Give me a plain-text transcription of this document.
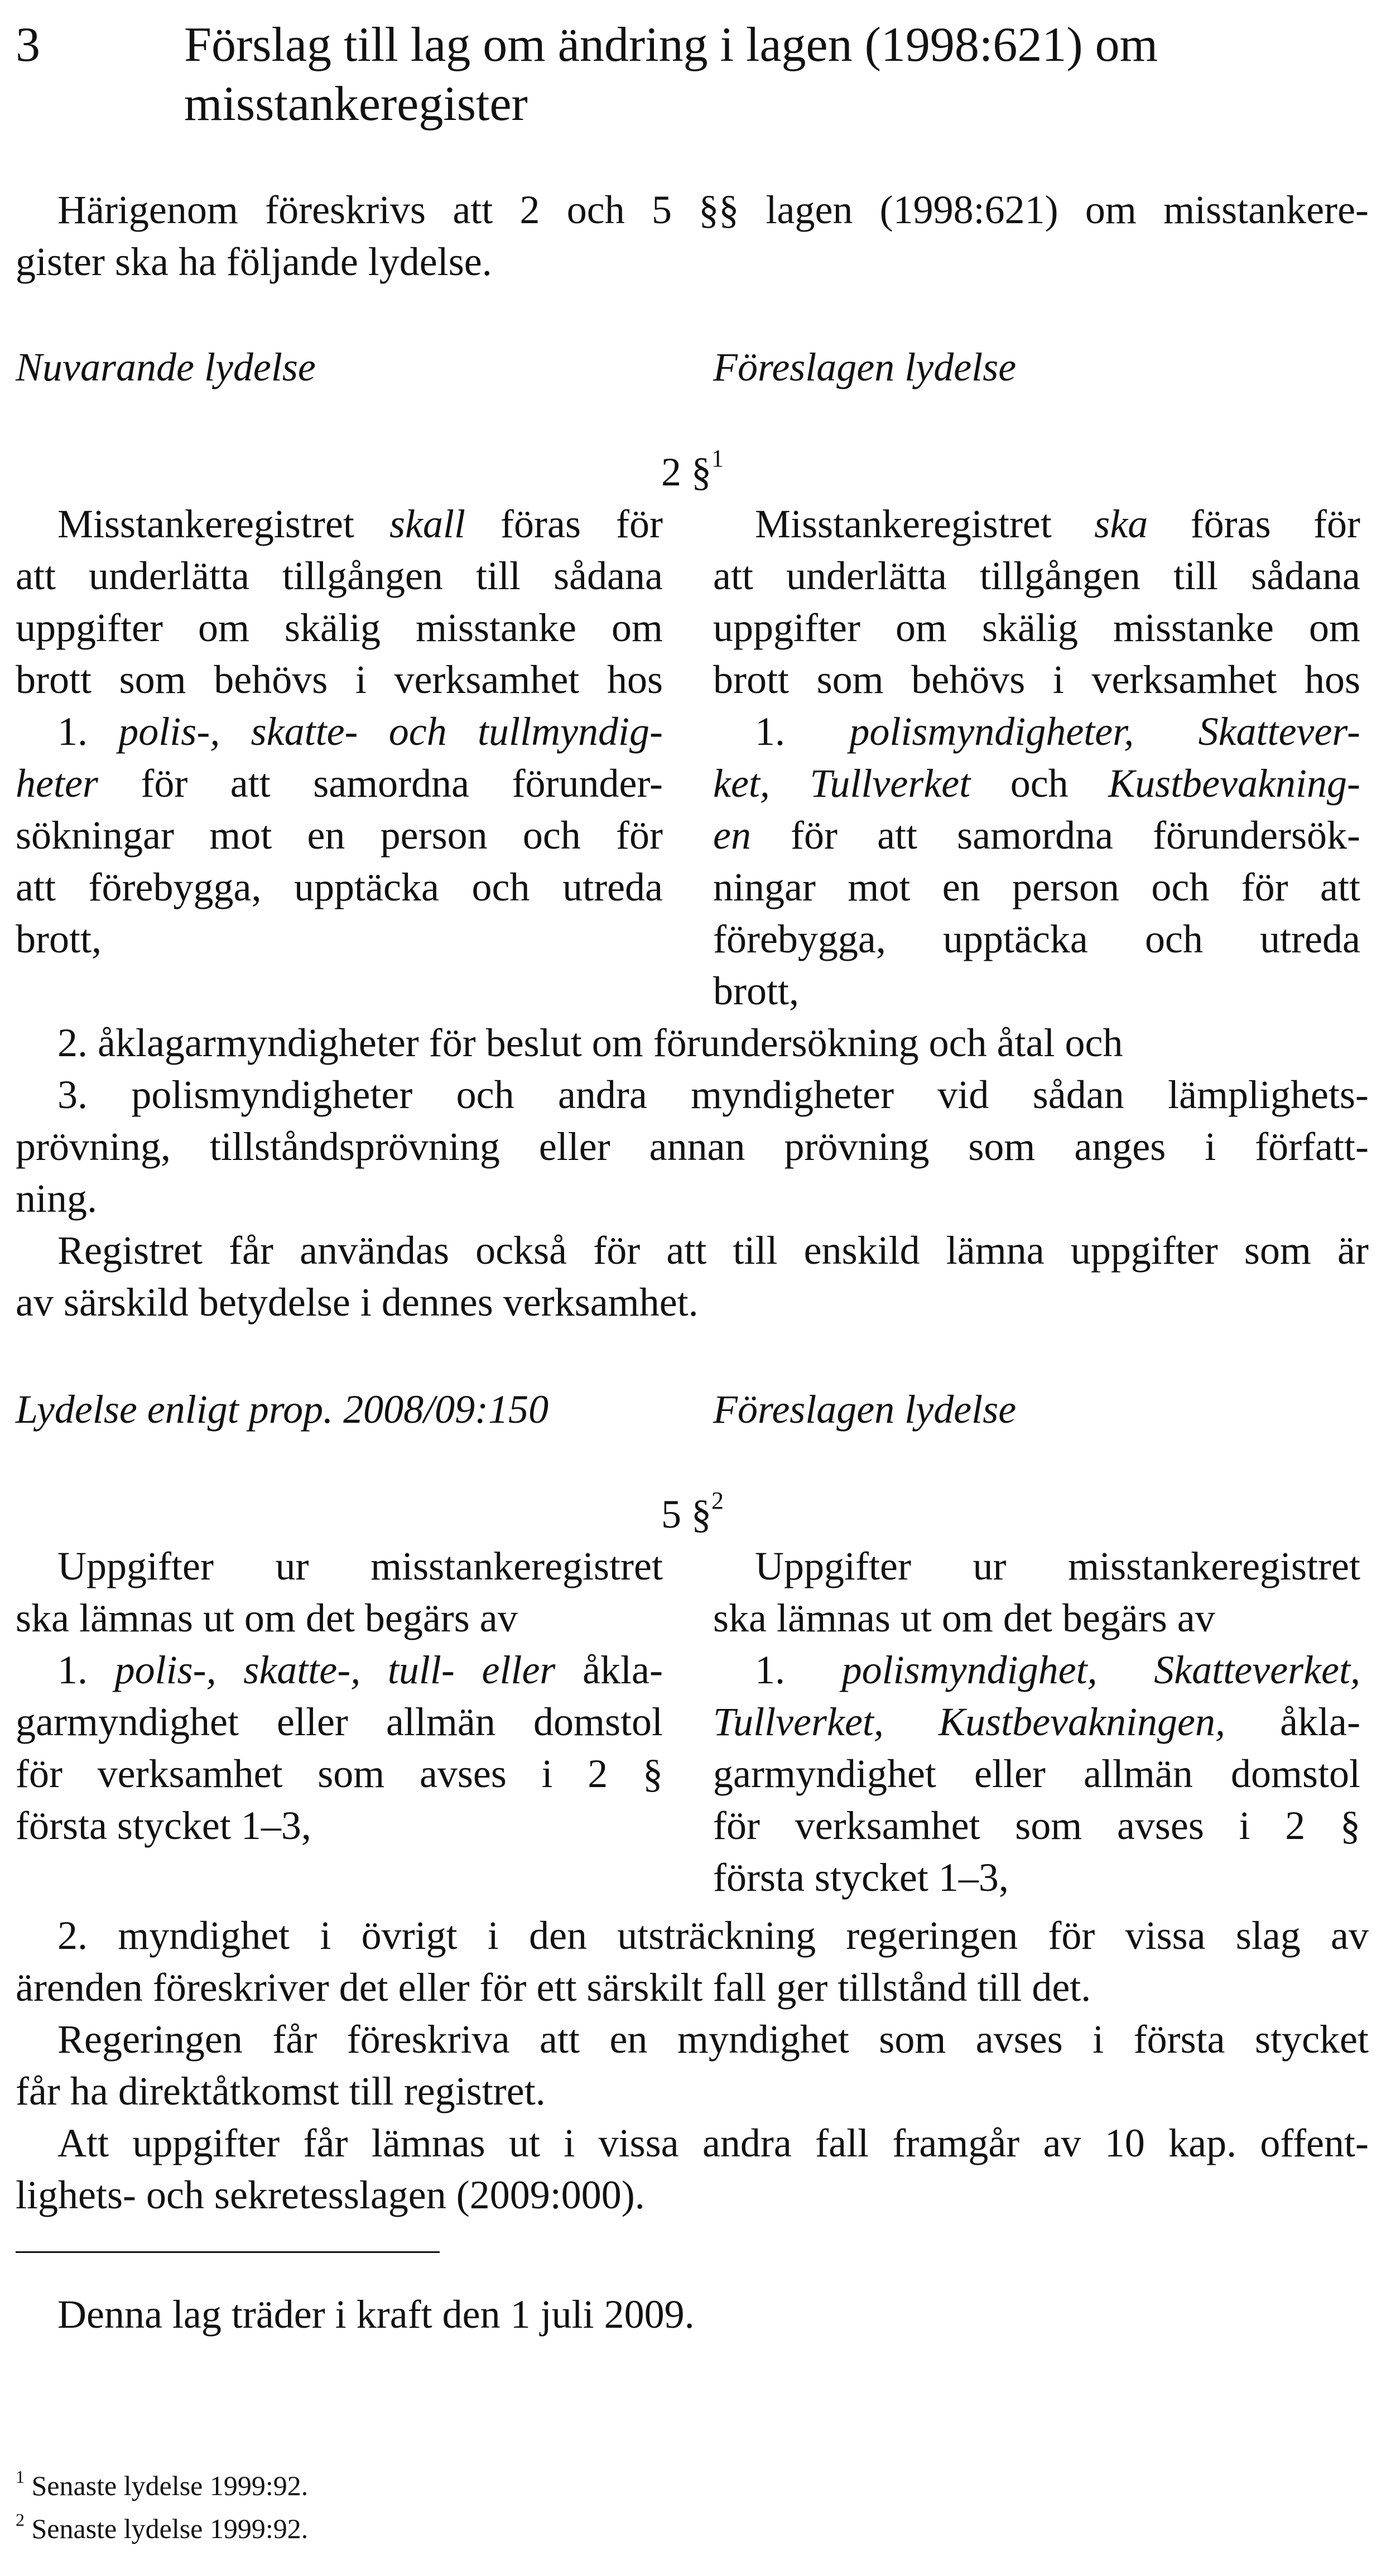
3	Förslag till lag om ändring i lagen (1998:621) om
misstankeregister
Härigenom föreskrivs att 2 och 5 §§ lagen (1998:621) om misstankere-
gister ska ha följande lydelse.
Nuvarande lydelse	Föreslagen lydelse
2 §$^1$
Misstankeregistret skall föras för
att underlätta tillgången till sådana
uppgifter om skälig misstanke om
brott som behövs i verksamhet hos
1. polis-, skatte- och tullmyndig-
heter för att samordna förunder-
sökningar mot en person och för
att förebygga, upptäcka och utreda
brott,
Misstankeregistret ska föras för
att underlätta tillgången till sådana
uppgifter om skälig misstanke om
brott som behövs i verksamhet hos
1. polismyndigheter, Skattever-
ket, Tullverket och Kustbevakning-
en för att samordna förundersök-
ningar mot en person och för att
förebygga, upptäcka och utreda
brott,
2. åklagarmyndigheter för beslut om förundersökning och åtal och
3. polismyndigheter och andra myndigheter vid sådan lämplighets-
prövning, tillståndsprövning eller annan prövning som anges i författ-
ning.
Registret får användas också för att till enskild lämna uppgifter som är
av särskild betydelse i dennes verksamhet.
Lydelse enligt prop. 2008/09:150	Föreslagen lydelse
5 §$^2$
Uppgifter ur misstankeregistret
ska lämnas ut om det begärs av
1. polis-, skatte-, tull- eller åkla-
garmyndighet eller allmän domstol
för verksamhet som avses i 2 §
första stycket 1–3,
Uppgifter ur misstankeregistret
ska lämnas ut om det begärs av
1. polismyndighet, Skatteverket,
Tullverket, Kustbevakningen, åkla-
garmyndighet eller allmän domstol
för verksamhet som avses i 2 §
första stycket 1–3,
2. myndighet i övrigt i den utsträckning regeringen för vissa slag av
ärenden föreskriver det eller för ett särskilt fall ger tillstånd till det.
Regeringen får föreskriva att en myndighet som avses i första stycket
får ha direktåtkomst till registret.
Att uppgifter får lämnas ut i vissa andra fall framgår av 10 kap. offent-
lighets- och sekretesslagen (2009:000).
Denna lag träder i kraft den 1 juli 2009.
$^1$ Senaste lydelse 1999:92.
$^2$ Senaste lydelse 1999:92.
